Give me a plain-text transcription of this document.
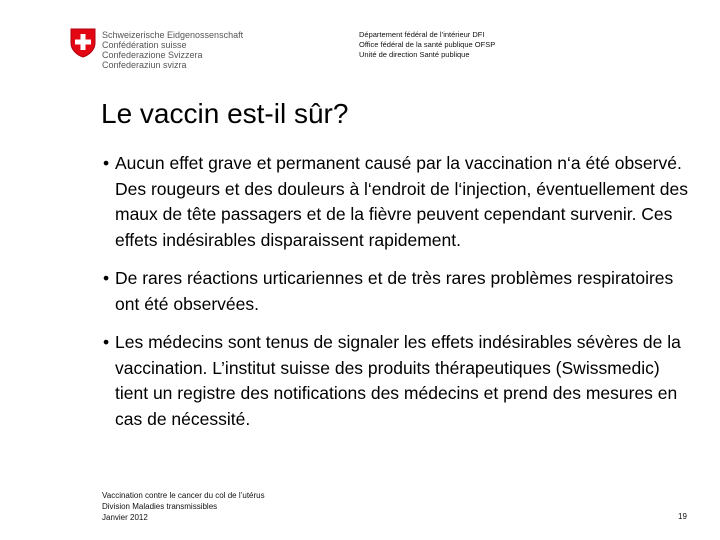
Schweizerische Eidgenossenschaft
Confédération suisse
Confederazione Svizzera
Confederaziun svizra
Département fédéral de l’intérieur DFI
Office fédéral de la santé publique OFSP
Unité de direction Santé publique
Le vaccin est-il sûr?
• Aucun effet grave et permanent causé par la vaccination n‘a été observé. Des rougeurs et des douleurs à l‘endroit de l‘injection, éventuellement des maux de tête passagers et de la fièvre peuvent cependant survenir. Ces effets indésirables disparaissent rapidement.
• De rares réactions urticariennes et de très rares problèmes respiratoires ont été observées.
• Les médecins sont tenus de signaler les effets indésirables sévères de la vaccination. L’institut suisse des produits thérapeutiques (Swissmedic) tient un registre des notifications des médecins et prend des mesures en cas de nécessité.
Vaccination contre le cancer du col de l’utérus
Division Maladies transmissibles
Janvier 2012	19
